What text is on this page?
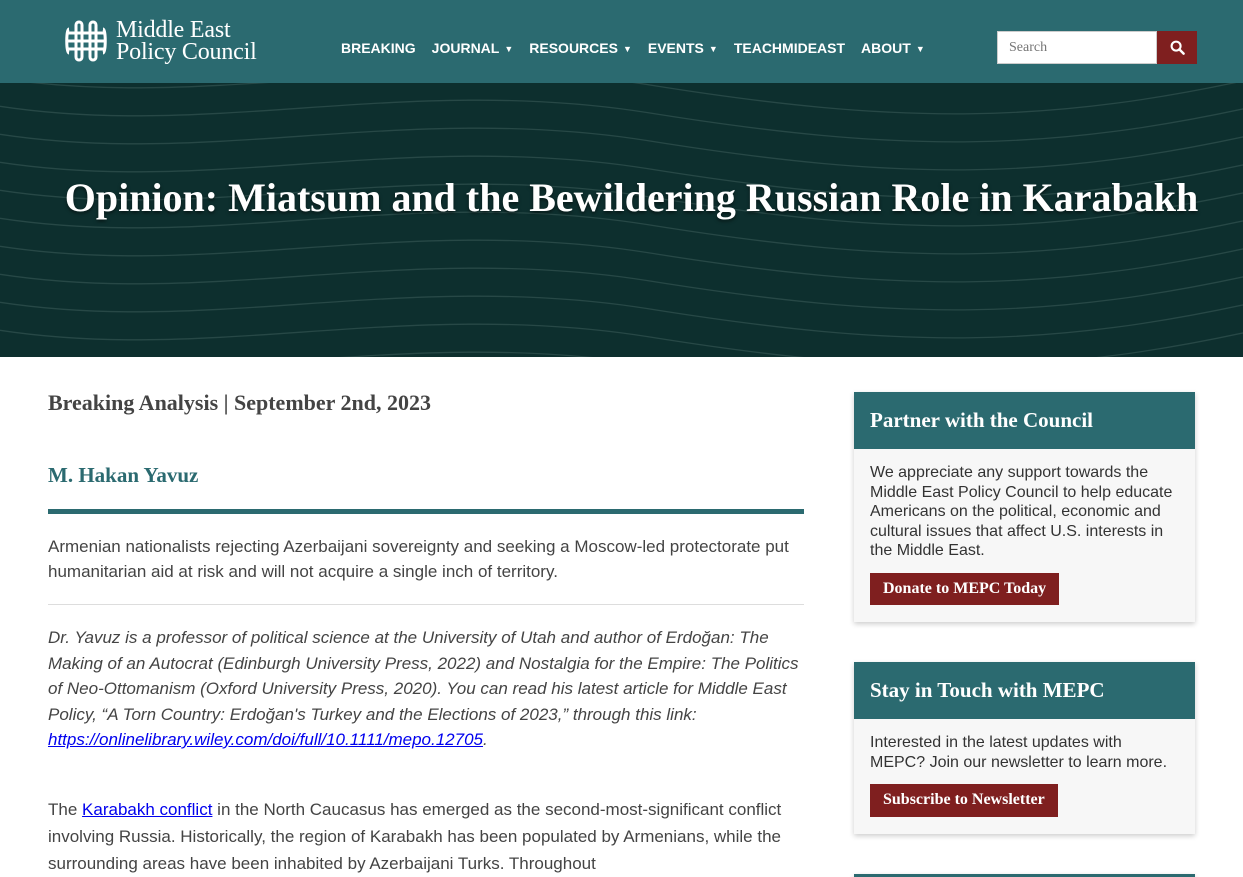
Middle East
Policy Council	BREAKING JOURNAL ▼ RESOURCES ▼ EVENTS ▼ TEACHMIDEAST ABOUT ▼
Search
Opinion: Miatsum and the Bewildering Russian Role in Karabakh
Breaking Analysis | September 2nd, 2023
M. Hakan Yavuz

Armenian nationalists rejecting Azerbaijani sovereignty and seeking a Moscow-led protectorate put humanitarian aid at risk and will not acquire a single inch of territory.

Dr. Yavuz is a professor of political science at the University of Utah and author of Erdoğan: The Making of an Autocrat (Edinburgh University Press, 2022) and Nostalgia for the Empire: The Politics of Neo-Ottomanism (Oxford University Press, 2020). You can read his latest article for Middle East Policy, “A Torn Country: Erdoğan's Turkey and the Elections of 2023,” through this link:  https://onlinelibrary.wiley.com/doi/full/10.1111/mepo.12705.

The Karabakh conflict in the North Caucasus has emerged as the second-most-significant conflict involving Russia. Historically, the region of Karabakh has been populated by Armenians, while the surrounding areas have been inhabited by Azerbaijani Turks. Throughout

Partner with the Council
We appreciate any support towards the Middle East Policy Council to help educate Americans on the political, economic and cultural issues that affect U.S. interests in the Middle East.
Donate to MEPC Today
Stay in Touch with MEPC
Interested in the latest updates with MEPC? Join our newsletter to learn more.
Subscribe to Newsletter
